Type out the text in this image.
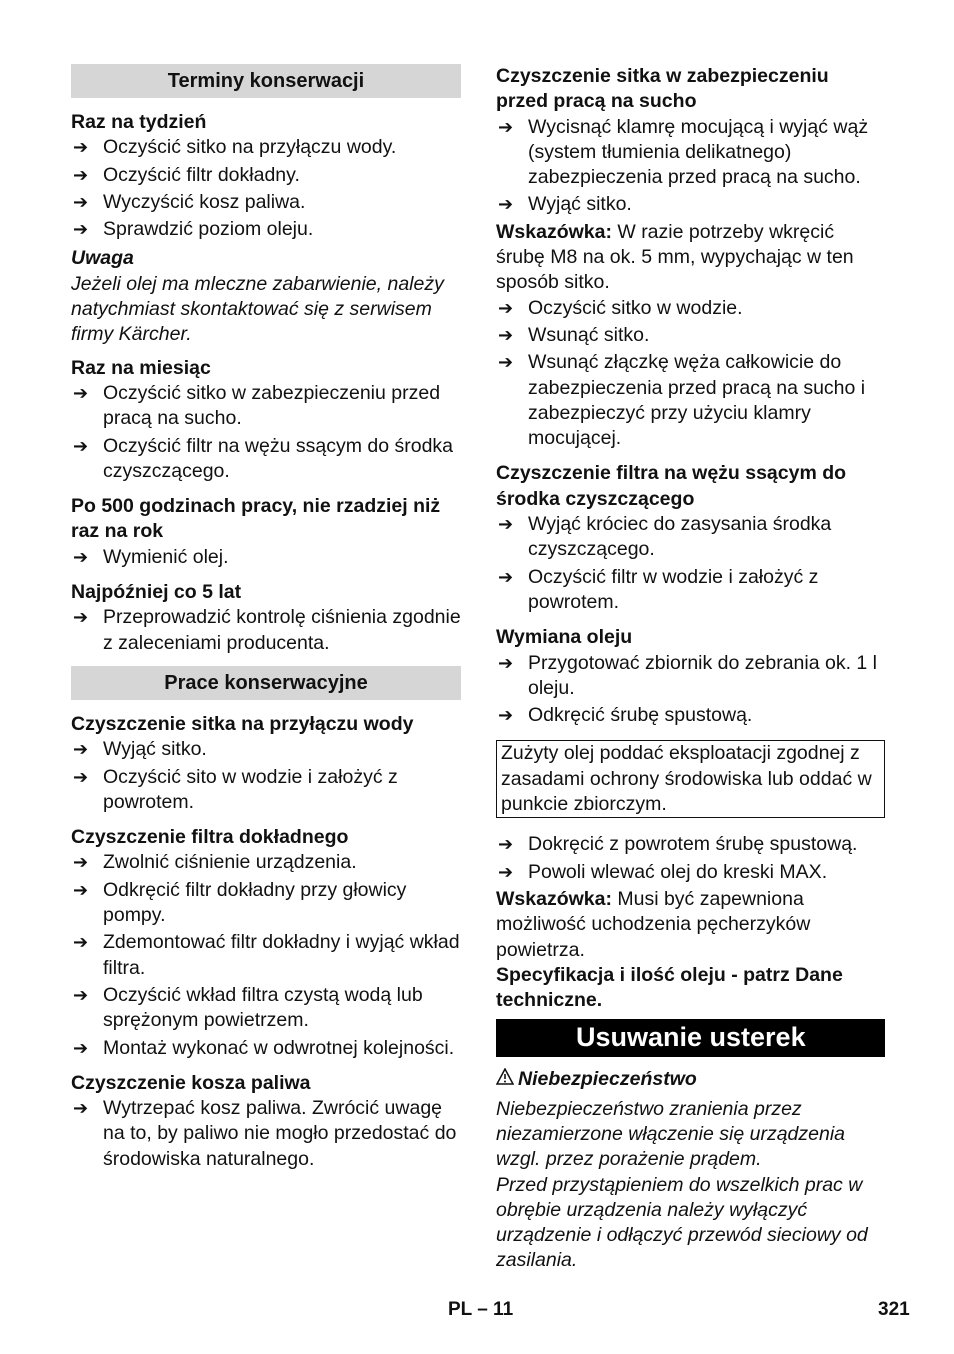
Terminy konserwacji
Raz na tydzień
➔ Oczyścić sitko na przyłączu wody.
➔ Oczyścić filtr dokładny.
➔ Wyczyścić kosz paliwa.
➔ Sprawdzić poziom oleju.
Uwaga

Jeżeli olej ma mleczne zabarwienie, należy natychmiast skontaktować się z serwisem firmy Kärcher.

Raz na miesiąc
➔ Oczyścić sitko w zabezpieczeniu przed pracą na sucho.
➔ Oczyścić filtr na wężu ssącym do środka czyszczącego.
Po 500 godzinach pracy, nie rzadziej niż raz na rok
➔ Wymienić olej.
Najpóźniej co 5 lat
➔ Przeprowadzić kontrolę ciśnienia zgodnie z zaleceniami producenta.
Prace konserwacyjne
Czyszczenie sitka na przyłączu wody
➔ Wyjąć sitko.
➔ Oczyścić sito w wodzie i założyć z powrotem.
Czyszczenie filtra dokładnego
➔ Zwolnić ciśnienie urządzenia.
➔ Odkręcić filtr dokładny przy głowicy pompy.
➔ Zdemontować filtr dokładny i wyjąć wkład filtra.
➔ Oczyścić wkład filtra czystą wodą lub sprężonym powietrzem.
➔ Montaż wykonać w odwrotnej kolejności.
Czyszczenie kosza paliwa
➔ Wytrzepać kosz paliwa. Zwrócić uwagę na to, by paliwo nie mogło przedostać do środowiska naturalnego.
Czyszczenie sitka w zabezpieczeniu przed pracą na sucho
➔ Wycisnąć klamrę mocującą i wyjąć wąż (system tłumienia delikatnego) zabezpieczenia przed pracą na sucho.
➔ Wyjąć sitko.

Wskazówka: W razie potrzeby wkręcić śrubę M8 na ok. 5 mm, wypychając w ten sposób sitko.

➔ Oczyścić sitko w wodzie.
➔ Wsunąć sitko.
➔ Wsunąć złączkę węża całkowicie do zabezpieczenia przed pracą na sucho i zabezpieczyć przy użyciu klamry mocującej.
Czyszczenie filtra na wężu ssącym do środka czyszczącego
➔ Wyjąć króciec do zasysania środka czyszczącego.
➔ Oczyścić filtr w wodzie i założyć z powrotem.
Wymiana oleju
➔ Przygotować zbiornik do zebrania ok. 1 l oleju.
➔ Odkręcić śrubę spustową.
Zużyty olej poddać eksploatacji zgodnej z zasadami ochrony środowiska lub oddać w punkcie zbiorczym.
➔ Dokręcić z powrotem śrubę spustową.
➔ Powoli wlewać olej do kreski MAX.

Wskazówka: Musi być zapewniona możliwość uchodzenia pęcherzyków powietrza.

Specyfikacja i ilość oleju - patrz Dane techniczne.

Usuwanie usterek
Niebezpieczeństwo

Niebezpieczeństwo zranienia przez niezamierzone włączenie się urządzenia wzgl. przez porażenie prądem.

Przed przystąpieniem do wszelkich prac w obrębie urządzenia należy wyłączyć urządzenie i odłączyć przewód sieciowy od zasilania.

PL – 11	321
